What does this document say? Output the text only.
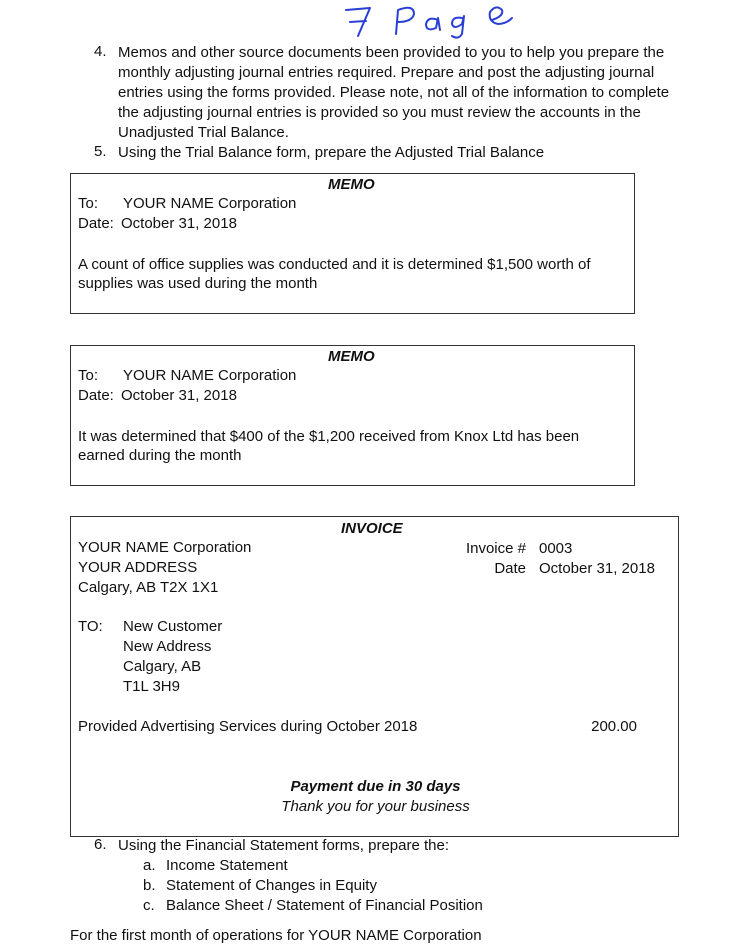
4. Memos and other source documents been provided to you to help you prepare the
monthly adjusting journal entries required. Prepare and post the adjusting journal
entries using the forms provided. Please note, not all of the information to complete
the adjusting journal entries is provided so you must review the accounts in the
Unadjusted Trial Balance.
5. Using the Trial Balance form, prepare the Adjusted Trial Balance
MEMO
To: YOUR NAME Corporation
Date: October 31, 2018
A count of office supplies was conducted and it is determined $1,500 worth of
supplies was used during the month
MEMO
To: YOUR NAME Corporation
Date: October 31, 2018
It was determined that $400 of the $1,200 received from Knox Ltd has been
earned during the month
INVOICE
YOUR NAME Corporation
YOUR ADDRESS
Calgary, AB T2X 1X1
Invoice # 0003
Date October 31, 2018
TO: New Customer
New Address
Calgary, AB
T1L 3H9
Provided Advertising Services during October 2018	200.00
Payment due in 30 days
Thank you for your business
6. Using the Financial Statement forms, prepare the:
a. Income Statement
b. Statement of Changes in Equity
c. Balance Sheet / Statement of Financial Position
For the first month of operations for YOUR NAME Corporation
